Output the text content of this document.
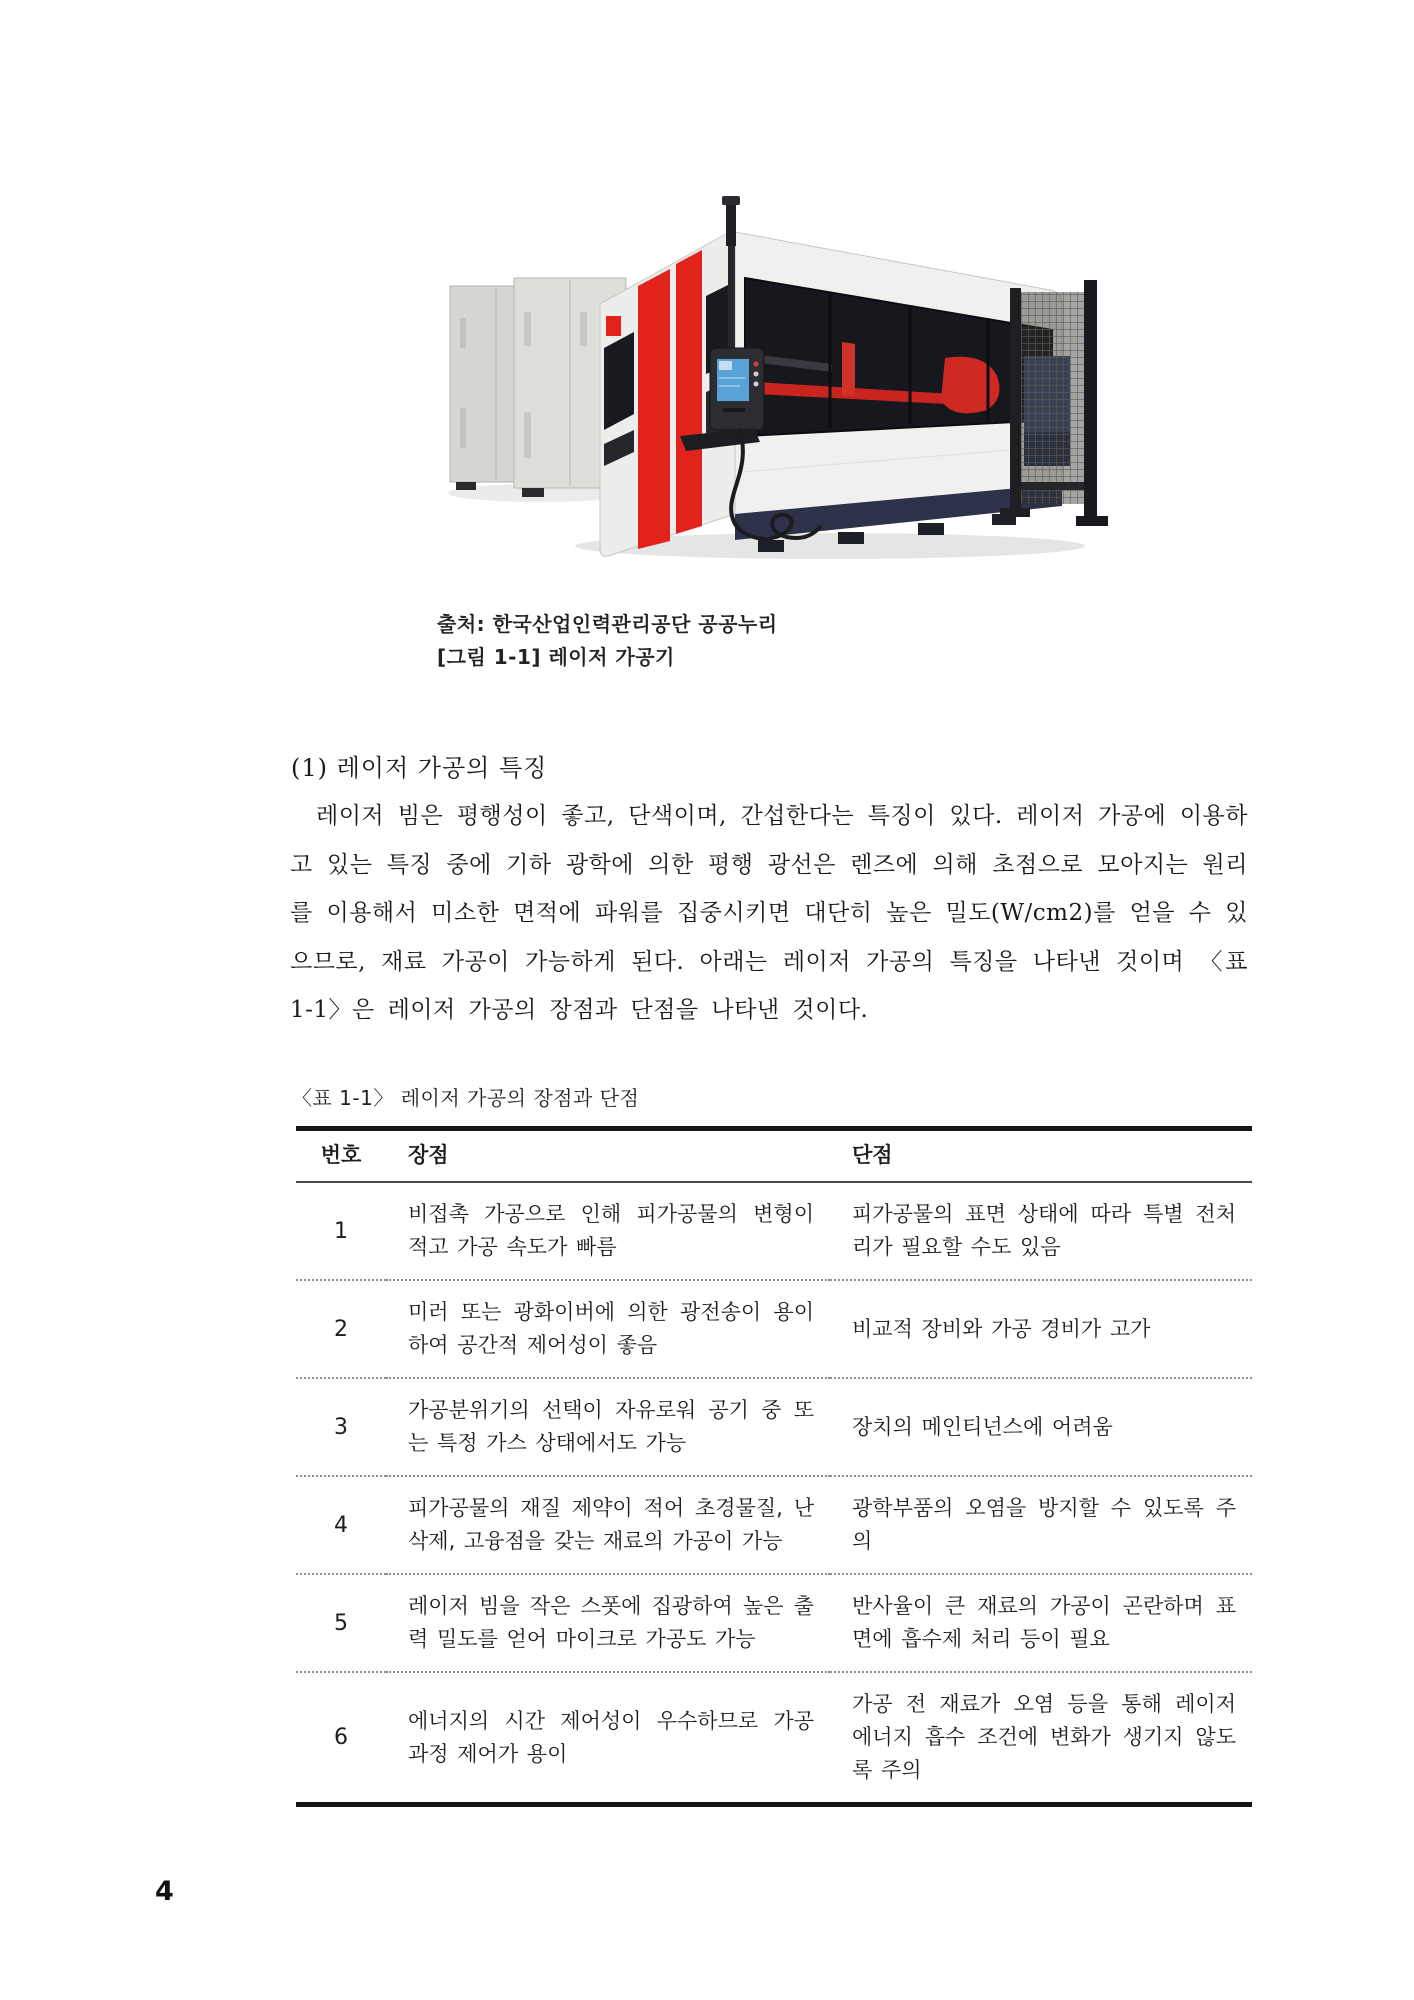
출처: 한국산업인력관리공단 공공누리
[그림 1-1] 레이저 가공기
(1) 레이저 가공의 특징

레이저 빔은 평행성이 좋고, 단색이며, 간섭한다는 특징이 있다. 레이저 가공에 이용하고 있는 특징 중에 기하 광학에 의한 평행 광선은 렌즈에 의해 초점으로 모아지는 원리를 이용해서 미소한 면적에 파워를 집중시키면 대단히 높은 밀도(W/cm2)를 얻을 수 있으므로, 재료 가공이 가능하게 된다. 아래는 레이저 가공의 특징을 나타낸 것이며 〈표 1-1〉은 레이저 가공의 장점과 단점을 나타낸 것이다.

〈표 1-1〉 레이저 가공의 장점과 단점
번호	장점	단점
1	비접촉 가공으로 인해 피가공물의 변형이 적고 가공 속도가 빠름	피가공물의 표면 상태에 따라 특별 전처리가 필요할 수도 있음
2	미러 또는 광화이버에 의한 광전송이 용이하여 공간적 제어성이 좋음	비교적 장비와 가공 경비가 고가
3	가공분위기의 선택이 자유로워 공기 중 또는 특정 가스 상태에서도 가능	장치의 메인티넌스에 어려움
4	피가공물의 재질 제약이 적어 초경물질, 난삭제, 고융점을 갖는 재료의 가공이 가능	광학부품의 오염을 방지할 수 있도록 주의
5	레이저 빔을 작은 스폿에 집광하여 높은 출력 밀도를 얻어 마이크로 가공도 가능	반사율이 큰 재료의 가공이 곤란하며 표면에 흡수제 처리 등이 필요
6	에너지의 시간 제어성이 우수하므로 가공 과정 제어가 용이	가공 전 재료가 오염 등을 통해 레이저 에너지 흡수 조건에 변화가 생기지 않도록 주의
4
